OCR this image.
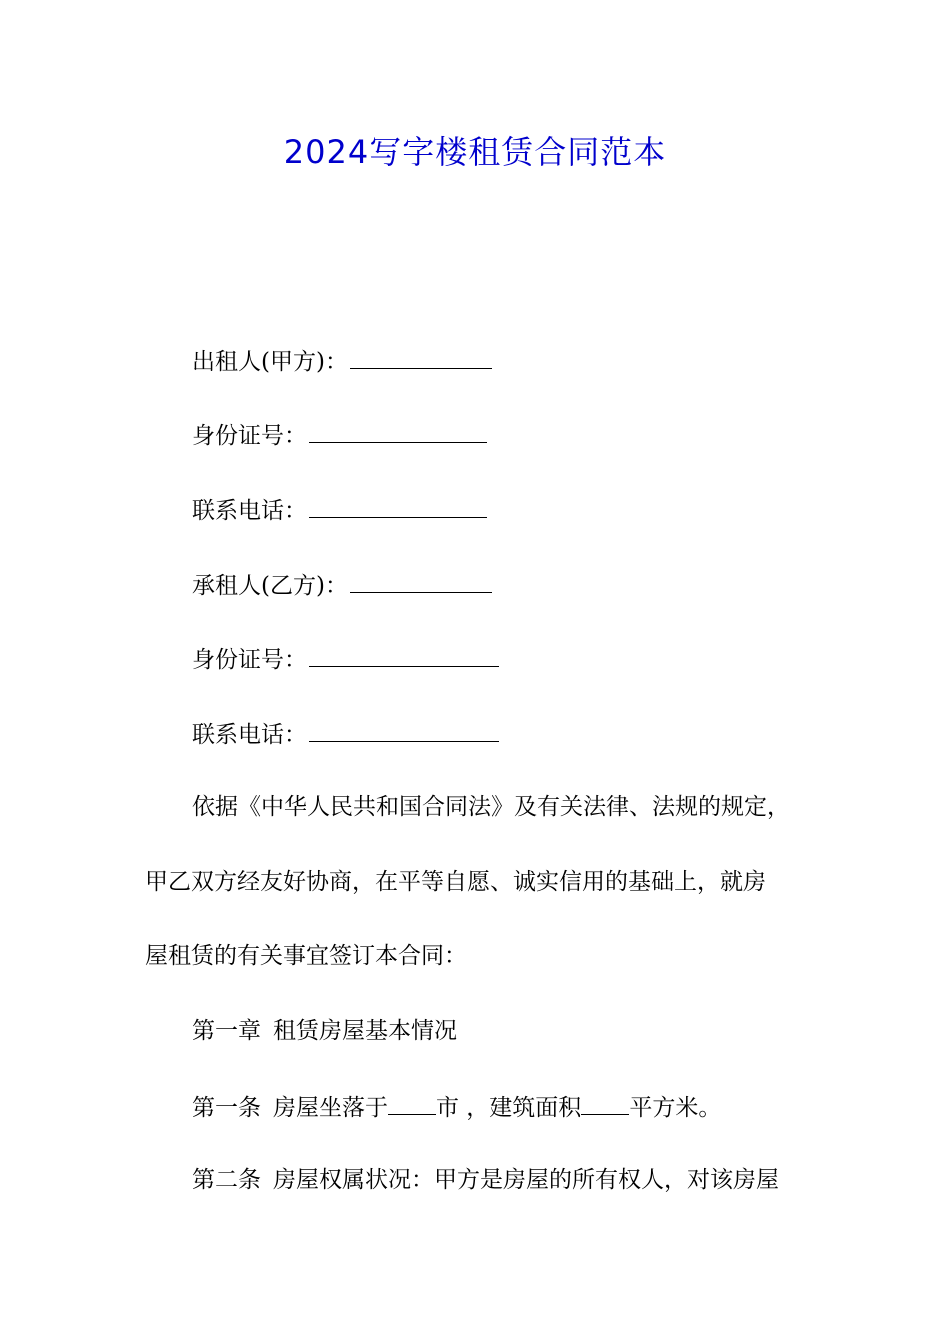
2024写字楼租赁合同范本
出租人(甲方)：
身份证号：
联系电话：
承租人(乙方)：
身份证号：
联系电话：
依据《中华人民共和国合同法》及有关法律、法规的规定，
甲乙双方经友好协商，在平等自愿、诚实信用的基础上，就房
屋租赁的有关事宜签订本合同：
第一章 租赁房屋基本情况
第一条 房屋坐落于 市 ，建筑面积 平方米。
第二条 房屋权属状况：甲方是房屋的所有权人，对该房屋
